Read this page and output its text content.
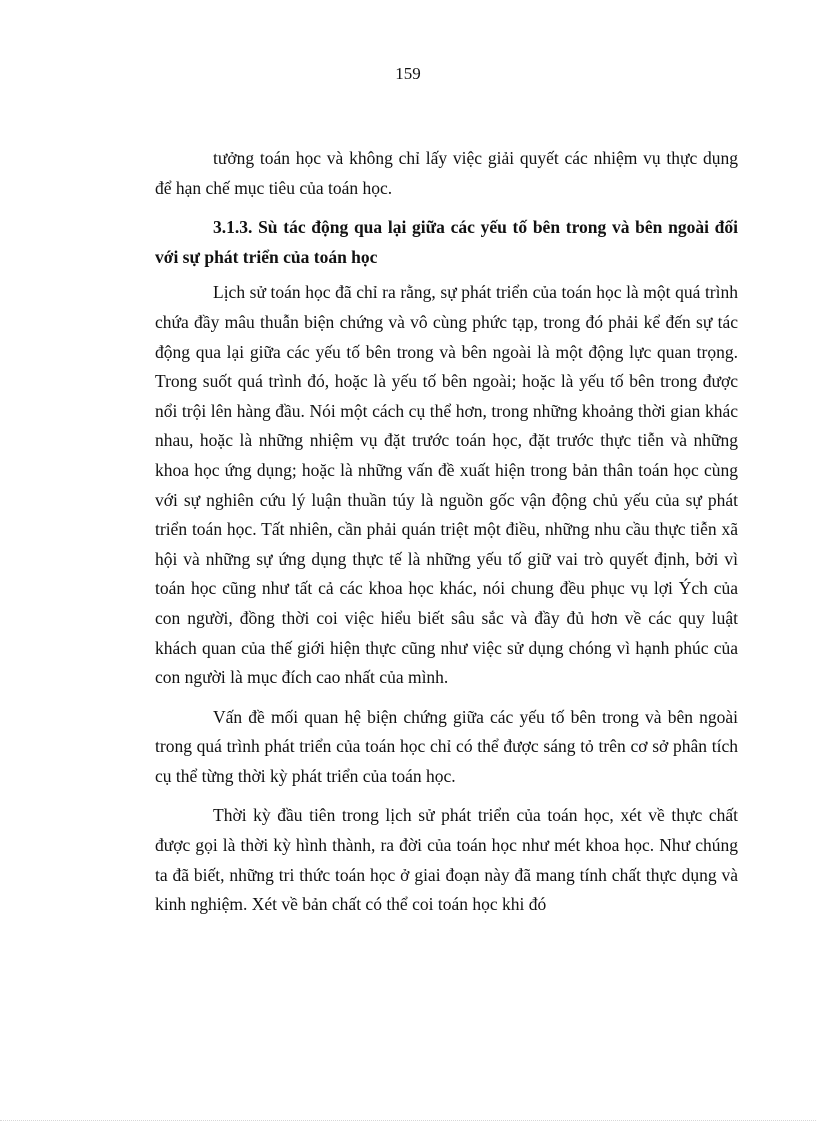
159

tưởng toán học và không chỉ lấy việc giải quyết các nhiệm vụ thực dụng để hạn chế mục tiêu của toán học.

3.1.3. Sù tác động qua lại giữa các yếu tố bên trong và bên ngoài đối với sự phát triển của toán học

Lịch sử toán học đã chỉ ra rằng, sự phát triển của toán học là một quá trình chứa đầy mâu thuẫn biện chứng và vô cùng phức tạp, trong đó phải kể đến sự tác động qua lại giữa các yếu tố bên trong và bên ngoài là một động lực quan trọng. Trong suốt quá trình đó, hoặc là yếu tố bên ngoài; hoặc là yếu tố bên trong được nổi trội lên hàng đầu. Nói một cách cụ thể hơn, trong những khoảng thời gian khác nhau, hoặc là những nhiệm vụ đặt trước toán học, đặt trước thực tiễn và những khoa học ứng dụng; hoặc là những vấn đề xuất hiện trong bản thân toán học cùng với sự nghiên cứu lý luận thuần túy là nguồn gốc vận động chủ yếu của sự phát triển toán học. Tất nhiên, cần phải quán triệt một điều, những nhu cầu thực tiễn xã hội và những sự ứng dụng thực tế là những yếu tố giữ vai trò quyết định, bởi vì toán học cũng như tất cả các khoa học khác, nói chung đều phục vụ lợi Ých của con người, đồng thời coi việc hiểu biết sâu sắc và đầy đủ hơn về các quy luật khách quan của thế giới hiện thực cũng như việc sử dụng chóng vì hạnh phúc của con người là mục đích cao nhất của mình.

Vấn đề mối quan hệ biện chứng giữa các yếu tố bên trong và bên ngoài trong quá trình phát triển của toán học chỉ có thể được sáng tỏ trên cơ sở phân tích cụ thể từng thời kỳ phát triển của toán học.

Thời kỳ đầu tiên trong lịch sử phát triển của toán học, xét về thực chất được gọi là thời kỳ hình thành, ra đời của toán học như mét khoa học. Như chúng ta đã biết, những tri thức toán học ở giai đoạn này đã mang tính chất thực dụng và kinh nghiệm. Xét về bản chất có thể coi toán học khi đó
